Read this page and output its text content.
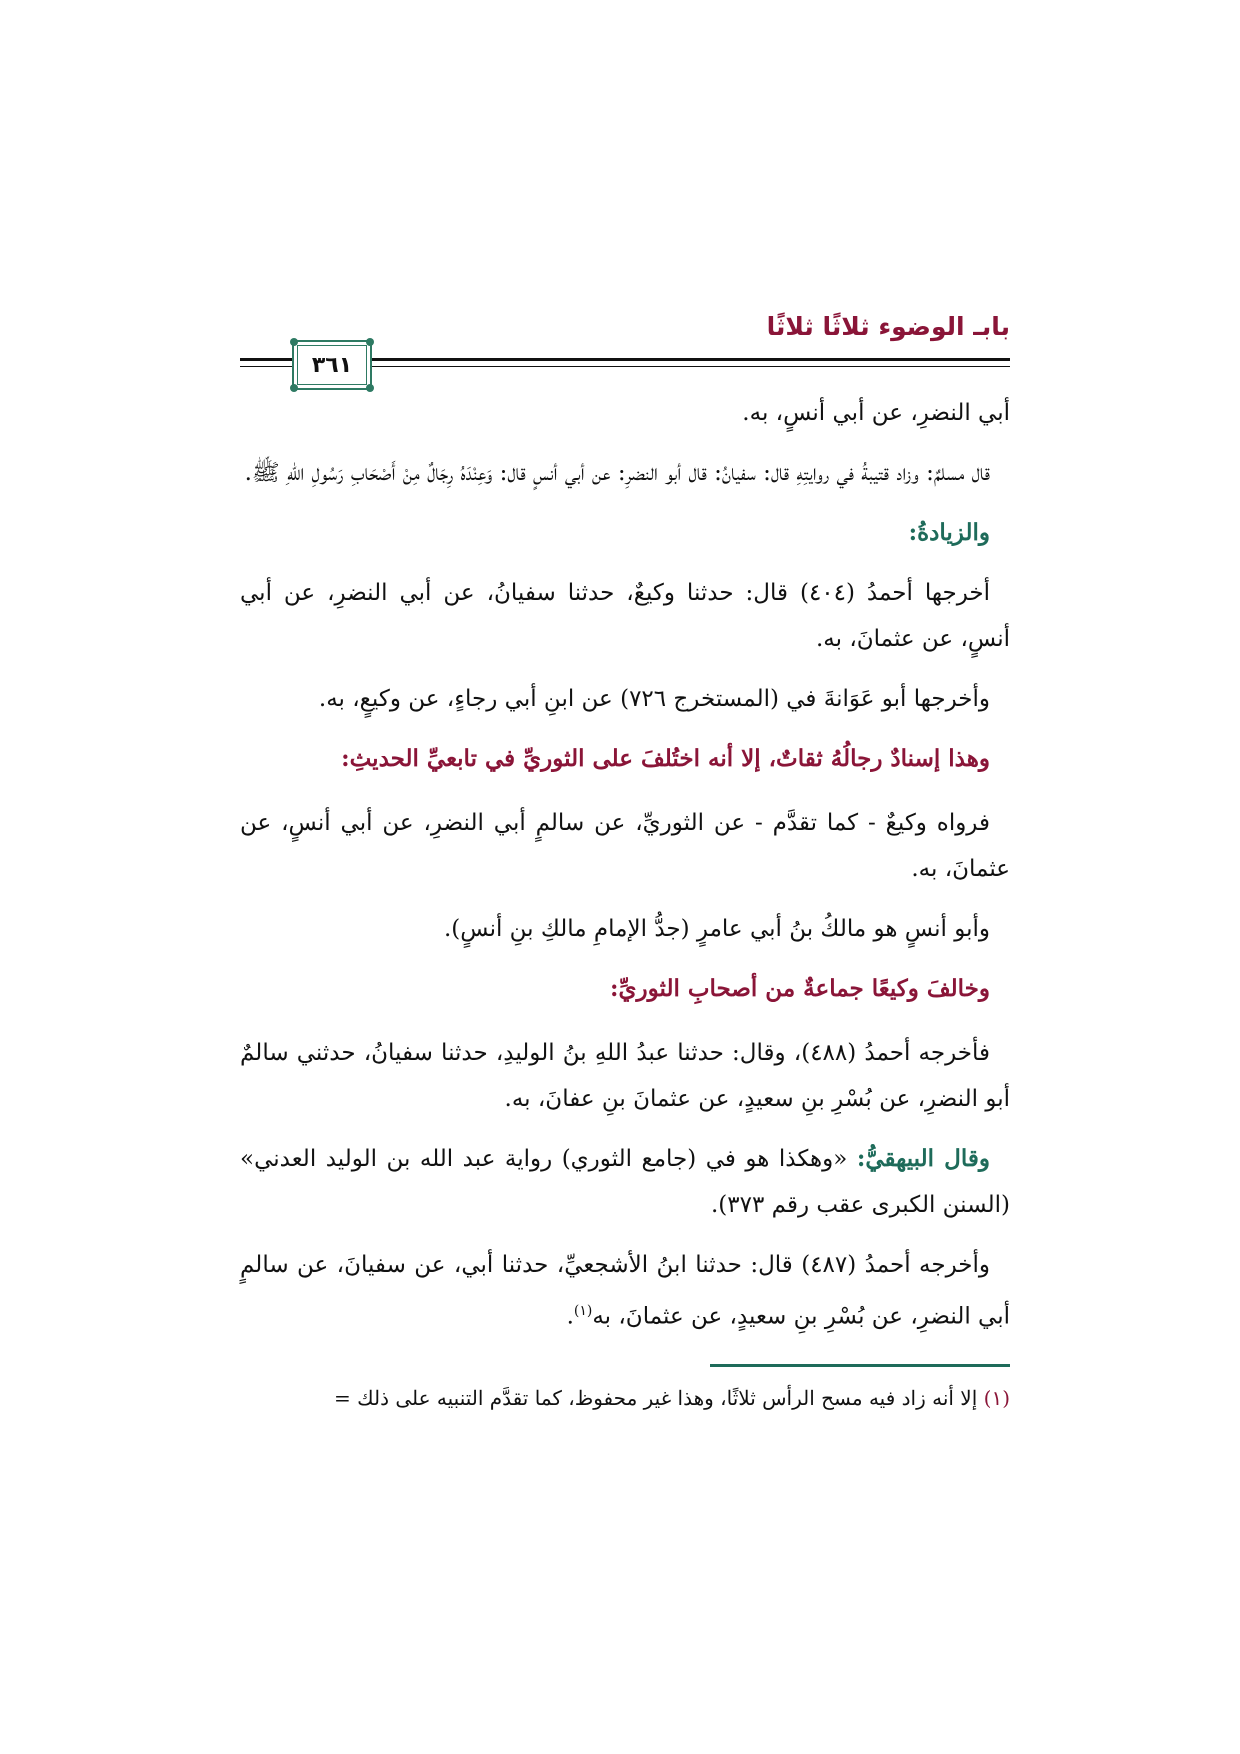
بابـ الوضوء ثلاثًا ثلاثًا
٣٦١

أبي النضرِ، عن أبي أنسٍ، به.

قال مسلمٌ: وزاد قتيبةُ في روايتِهِ قال: سفيانُ: قال أبو النضرِ: عن أبي أنسٍ قال: وَعِنْدَهُ رِجَالٌ مِنْ أَصْحَابِ رَسُولِ اللهِ ﷺ.

والزيادةُ:

أخرجها أحمدُ (٤٠٤) قال: حدثنا وكيعٌ، حدثنا سفيانُ، عن أبي النضرِ، عن أبي أنسٍ، عن عثمانَ، به.

وأخرجها أبو عَوَانةَ في (المستخرج ٧٢٦) عن ابنِ أبي رجاءٍ، عن وكيعٍ، به.

وهذا إسنادٌ رجالُهُ ثقاتٌ، إلا أنه اختُلفَ على الثوريِّ في تابعيِّ الحديثِ:

فرواه وكيعٌ - كما تقدَّم - عن الثوريِّ، عن سالمٍ أبي النضرِ، عن أبي أنسٍ، عن عثمانَ، به.

وأبو أنسٍ هو مالكُ بنُ أبي عامرٍ (جدُّ الإمامِ مالكِ بنِ أنسٍ).

وخالفَ وكيعًا جماعةٌ من أصحابِ الثوريِّ:

فأخرجه أحمدُ (٤٨٨)، وقال: حدثنا عبدُ اللهِ بنُ الوليدِ، حدثنا سفيانُ، حدثني سالمٌ أبو النضرِ، عن بُسْرِ بنِ سعيدٍ، عن عثمانَ بنِ عفانَ، به.

وقال البيهقيُّ: «وهكذا هو في (جامع الثوري) رواية عبد الله بن الوليد العدني» (السنن الكبرى عقب رقم ٣٧٣).

وأخرجه أحمدُ (٤٨٧) قال: حدثنا ابنُ الأشجعيِّ، حدثنا أبي، عن سفيانَ، عن سالمٍ أبي النضرِ، عن بُسْرِ بنِ سعيدٍ، عن عثمانَ، به$^{(١)}$.

(١) إلا أنه زاد فيه مسح الرأس ثلاثًا، وهذا غير محفوظ، كما تقدَّم التنبيه على ذلك =
